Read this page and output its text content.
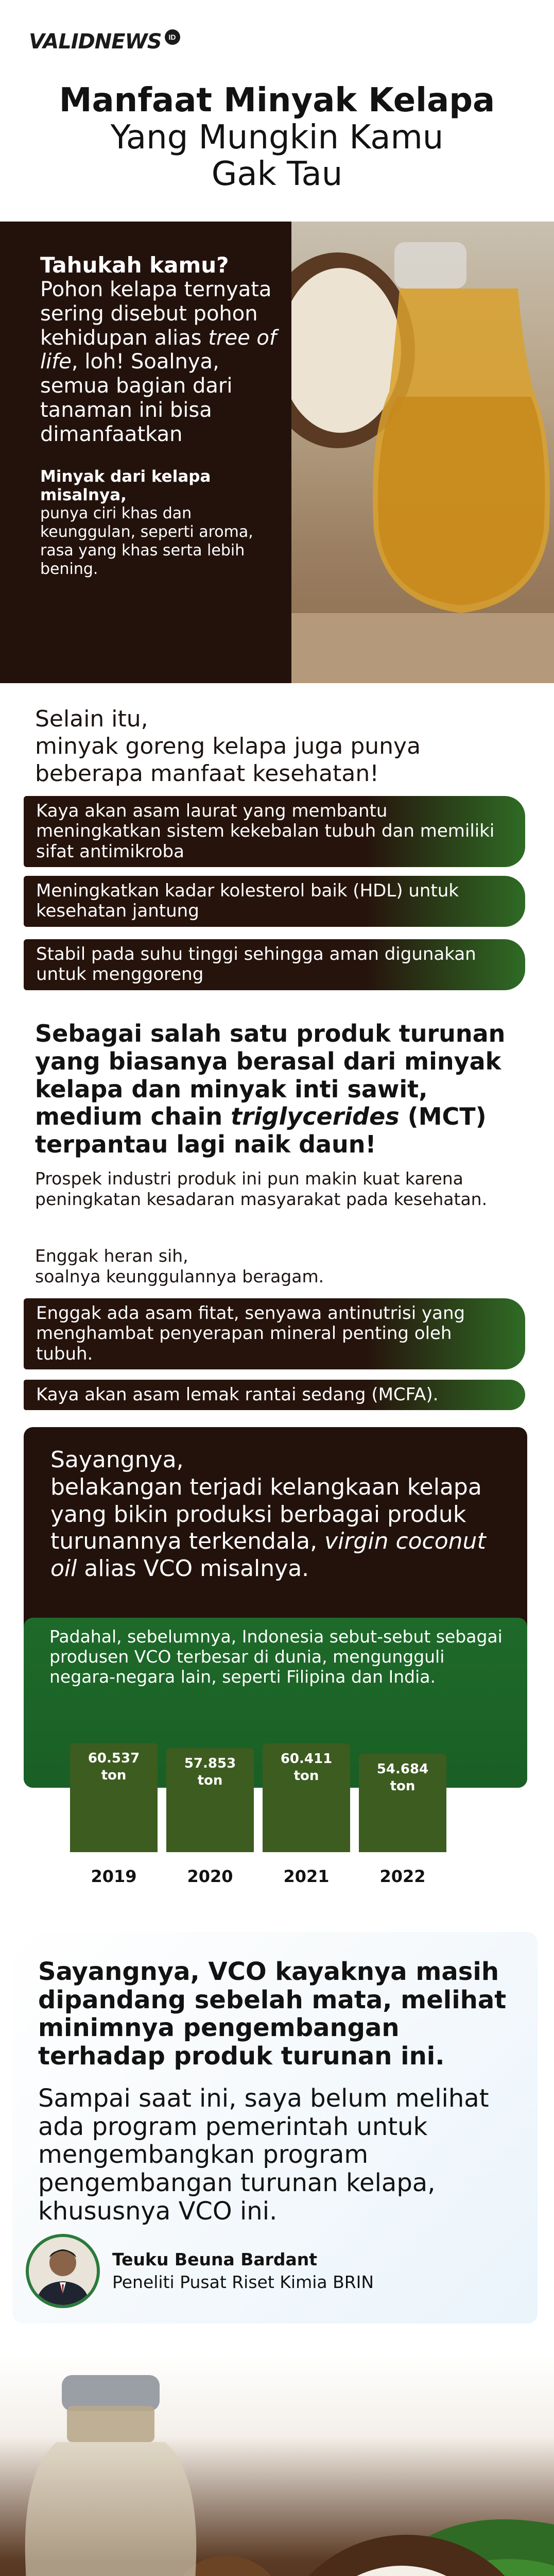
VALIDNEWS	ID
Manfaat Minyak Kelapa
Yang Mungkin Kamu
Gak Tau
Tahukah kamu?
Pohon kelapa ternyata sering disebut pohon kehidupan alias tree of life, loh! Soalnya, semua bagian dari tanaman ini bisa dimanfaatkan
Minyak dari kelapa misalnya,
punya ciri khas dan keunggulan, seperti aroma, rasa yang khas serta lebih bening.
Selain itu,
minyak goreng kelapa juga punya beberapa manfaat kesehatan!
Kaya akan asam laurat yang membantu meningkatkan sistem kekebalan tubuh dan memiliki sifat antimikroba
Meningkatkan kadar kolesterol baik (HDL) untuk kesehatan jantung
Stabil pada suhu tinggi sehingga aman digunakan untuk menggoreng
Sebagai salah satu produk turunan yang biasanya berasal dari minyak kelapa dan minyak inti sawit, medium chain triglycerides (MCT) terpantau lagi naik daun!
Prospek industri produk ini pun makin kuat karena peningkatan kesadaran masyarakat pada kesehatan.
Enggak heran sih,
soalnya keunggulannya beragam.
Enggak ada asam fitat, senyawa antinutrisi yang menghambat penyerapan mineral penting oleh tubuh.
Kaya akan asam lemak rantai sedang (MCFA).
Sayangnya,
belakangan terjadi kelangkaan kelapa yang bikin produksi berbagai produk turunannya terkendala, virgin coconut oil alias VCO misalnya.
Padahal, sebelumnya, Indonesia sebut-sebut sebagai produsen VCO terbesar di dunia, mengungguli negara-negara lain, seperti Filipina dan India.
Sayangnya, VCO kayaknya masih dipandang sebelah mata, melihat minimnya pengembangan terhadap produk turunan ini.
Sampai saat ini, saya belum melihat ada program pemerintah untuk mengembangkan program pengembangan turunan kelapa, khususnya VCO ini.
Teuku Beuna Bardant
Peneliti Pusat Riset Kimia BRIN
60.537
ton
2019
57.853
ton
2020
60.411
ton
2021
54.684
ton
2022
